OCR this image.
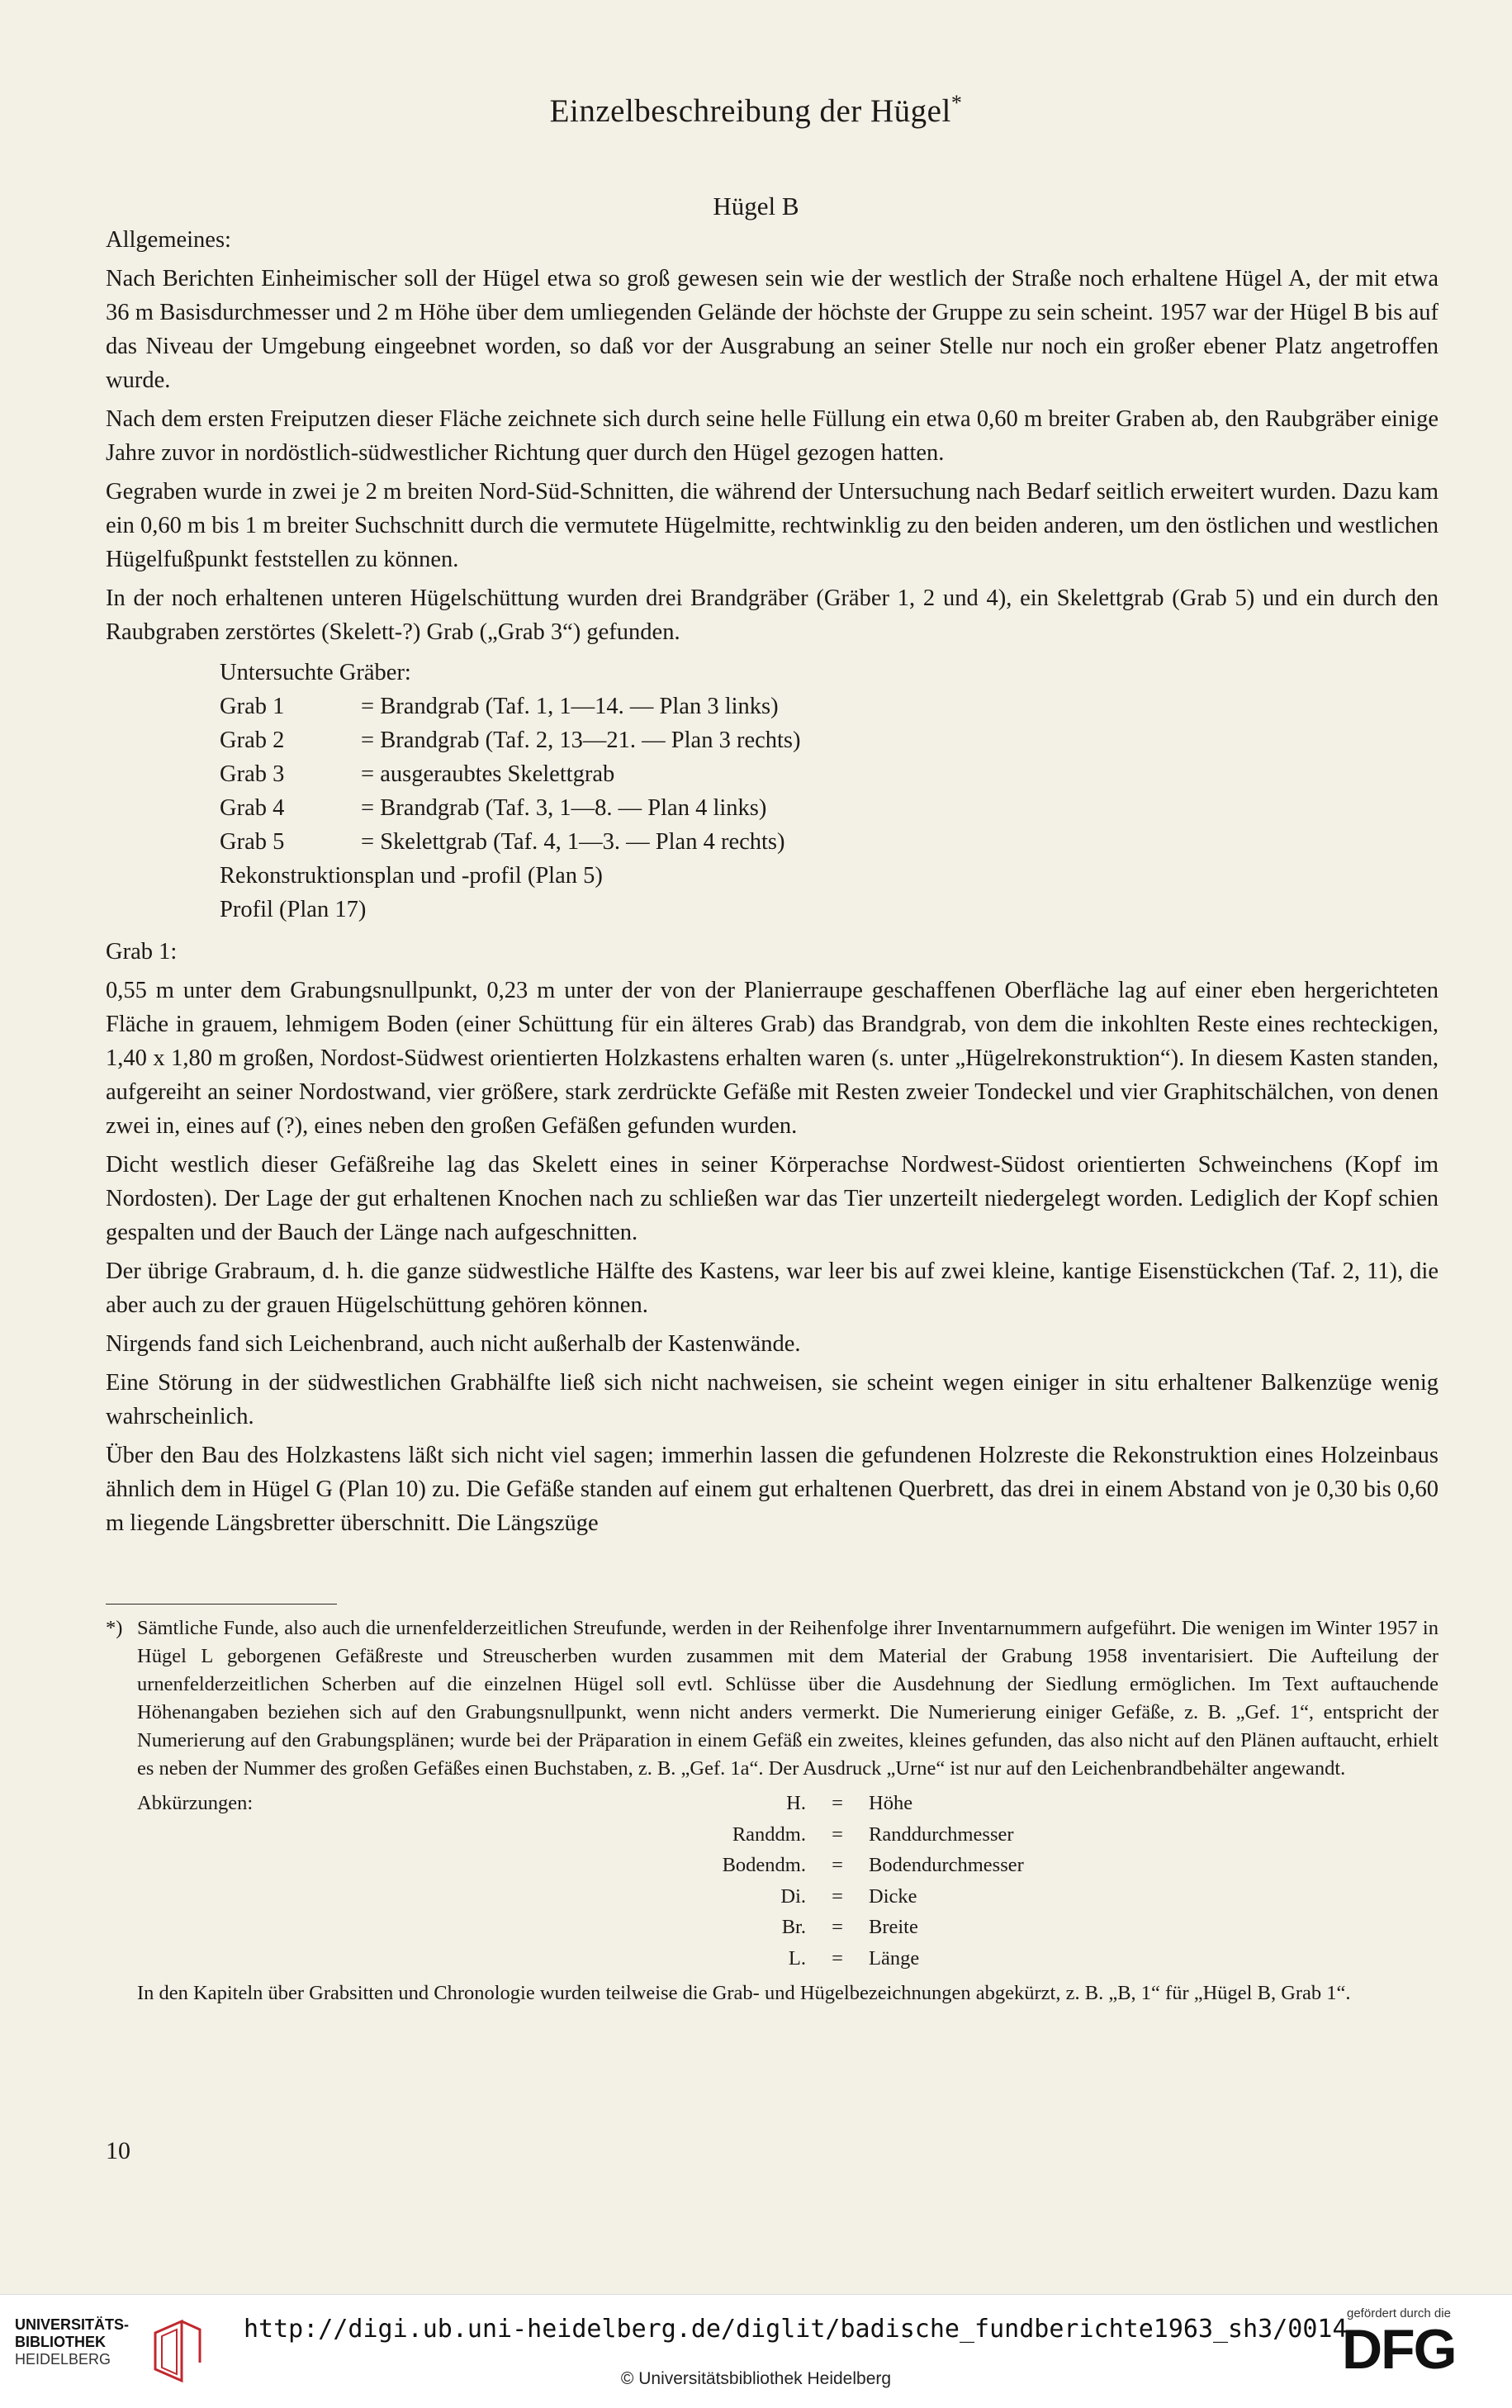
Einzelbeschreibung der Hügel*
Hügel B
Allgemeines:

Nach Berichten Einheimischer soll der Hügel etwa so groß gewesen sein wie der westlich der Straße noch erhaltene Hügel A, der mit etwa 36 m Basisdurchmesser und 2 m Höhe über dem umliegenden Gelände der höchste der Gruppe zu sein scheint. 1957 war der Hügel B bis auf das Niveau der Umgebung eingeebnet worden, so daß vor der Ausgrabung an seiner Stelle nur noch ein großer ebener Platz angetroffen wurde.

Nach dem ersten Freiputzen dieser Fläche zeichnete sich durch seine helle Füllung ein etwa 0,60 m breiter Graben ab, den Raubgräber einige Jahre zuvor in nordöstlich-südwestlicher Richtung quer durch den Hügel gezogen hatten.

Gegraben wurde in zwei je 2 m breiten Nord-Süd-Schnitten, die während der Untersuchung nach Bedarf seitlich erweitert wurden. Dazu kam ein 0,60 m bis 1 m breiter Suchschnitt durch die vermutete Hügelmitte, rechtwinklig zu den beiden anderen, um den östlichen und westlichen Hügelfußpunkt feststellen zu können.

In der noch erhaltenen unteren Hügelschüttung wurden drei Brandgräber (Gräber 1, 2 und 4), ein Skelettgrab (Grab 5) und ein durch den Raubgraben zerstörtes (Skelett-?) Grab („Grab 3“) gefunden.

Untersuchte Gräber:
Grab 1	= Brandgrab (Taf. 1, 1—14. — Plan 3 links)
Grab 2	= Brandgrab (Taf. 2, 13—21. — Plan 3 rechts)
Grab 3	= ausgeraubtes Skelettgrab
Grab 4	= Brandgrab (Taf. 3, 1—8. — Plan 4 links)
Grab 5	= Skelettgrab (Taf. 4, 1—3. — Plan 4 rechts)
Rekonstruktionsplan und -profil (Plan 5)
Profil (Plan 17)
Grab 1:

0,55 m unter dem Grabungsnullpunkt, 0,23 m unter der von der Planierraupe geschaffenen Oberfläche lag auf einer eben hergerichteten Fläche in grauem, lehmigem Boden (einer Schüttung für ein älteres Grab) das Brandgrab, von dem die inkohlten Reste eines rechteckigen, 1,40 x 1,80 m großen, Nordost-Südwest orientierten Holzkastens erhalten waren (s. unter „Hügelrekonstruktion“). In diesem Kasten standen, aufgereiht an seiner Nordostwand, vier größere, stark zerdrückte Gefäße mit Resten zweier Tondeckel und vier Graphitschälchen, von denen zwei in, eines auf (?), eines neben den großen Gefäßen gefunden wurden.

Dicht westlich dieser Gefäßreihe lag das Skelett eines in seiner Körperachse Nordwest-Südost orientierten Schweinchens (Kopf im Nordosten). Der Lage der gut erhaltenen Knochen nach zu schließen war das Tier unzerteilt niedergelegt worden. Lediglich der Kopf schien gespalten und der Bauch der Länge nach aufgeschnitten.

Der übrige Grabraum, d. h. die ganze südwestliche Hälfte des Kastens, war leer bis auf zwei kleine, kantige Eisenstückchen (Taf. 2, 11), die aber auch zu der grauen Hügelschüttung gehören können.

Nirgends fand sich Leichenbrand, auch nicht außerhalb der Kastenwände.

Eine Störung in der südwestlichen Grabhälfte ließ sich nicht nachweisen, sie scheint wegen einiger in situ erhaltener Balkenzüge wenig wahrscheinlich.

Über den Bau des Holzkastens läßt sich nicht viel sagen; immerhin lassen die gefundenen Holzreste die Rekonstruktion eines Holzeinbaus ähnlich dem in Hügel G (Plan 10) zu. Die Gefäße standen auf einem gut erhaltenen Querbrett, das drei in einem Abstand von je 0,30 bis 0,60 m liegende Längsbretter überschnitt. Die Längszüge

*) Sämtliche Funde, also auch die urnenfelderzeitlichen Streufunde, werden in der Reihenfolge ihrer Inventarnummern aufgeführt. Die wenigen im Winter 1957 in Hügel L geborgenen Gefäßreste und Streuscherben wurden zusammen mit dem Material der Grabung 1958 inventarisiert. Die Aufteilung der urnenfelderzeitlichen Scherben auf die einzelnen Hügel soll evtl. Schlüsse über die Ausdehnung der Siedlung ermöglichen. Im Text auftauchende Höhenangaben beziehen sich auf den Grabungsnullpunkt, wenn nicht anders vermerkt. Die Numerierung einiger Gefäße, z. B. „Gef. 1“, entspricht der Numerierung auf den Grabungsplänen; wurde bei der Präparation in einem Gefäß ein zweites, kleines gefunden, das also nicht auf den Plänen auftaucht, erhielt es neben der Nummer des großen Gefäßes einen Buchstaben, z. B. „Gef. 1a“. Der Ausdruck „Urne“ ist nur auf den Leichenbrandbehälter angewandt.
Abkürzungen:	H. = Höhe
Randdm. = Randdurchmesser
Bodendm. = Bodendurchmesser
Di. = Dicke
Br. = Breite
L. = Länge
In den Kapiteln über Grabsitten und Chronologie wurden teilweise die Grab- und Hügelbezeichnungen abgekürzt, z. B. „B, 1“ für „Hügel B, Grab 1“.
10
UNIVERSITÄTS-
BIBLIOTHEK
HEIDELBERG
http://digi.ub.uni-heidelberg.de/diglit/badische_fundberichte1963_sh3/0014
© Universitätsbibliothek Heidelberg
gefördert durch die
DFG
